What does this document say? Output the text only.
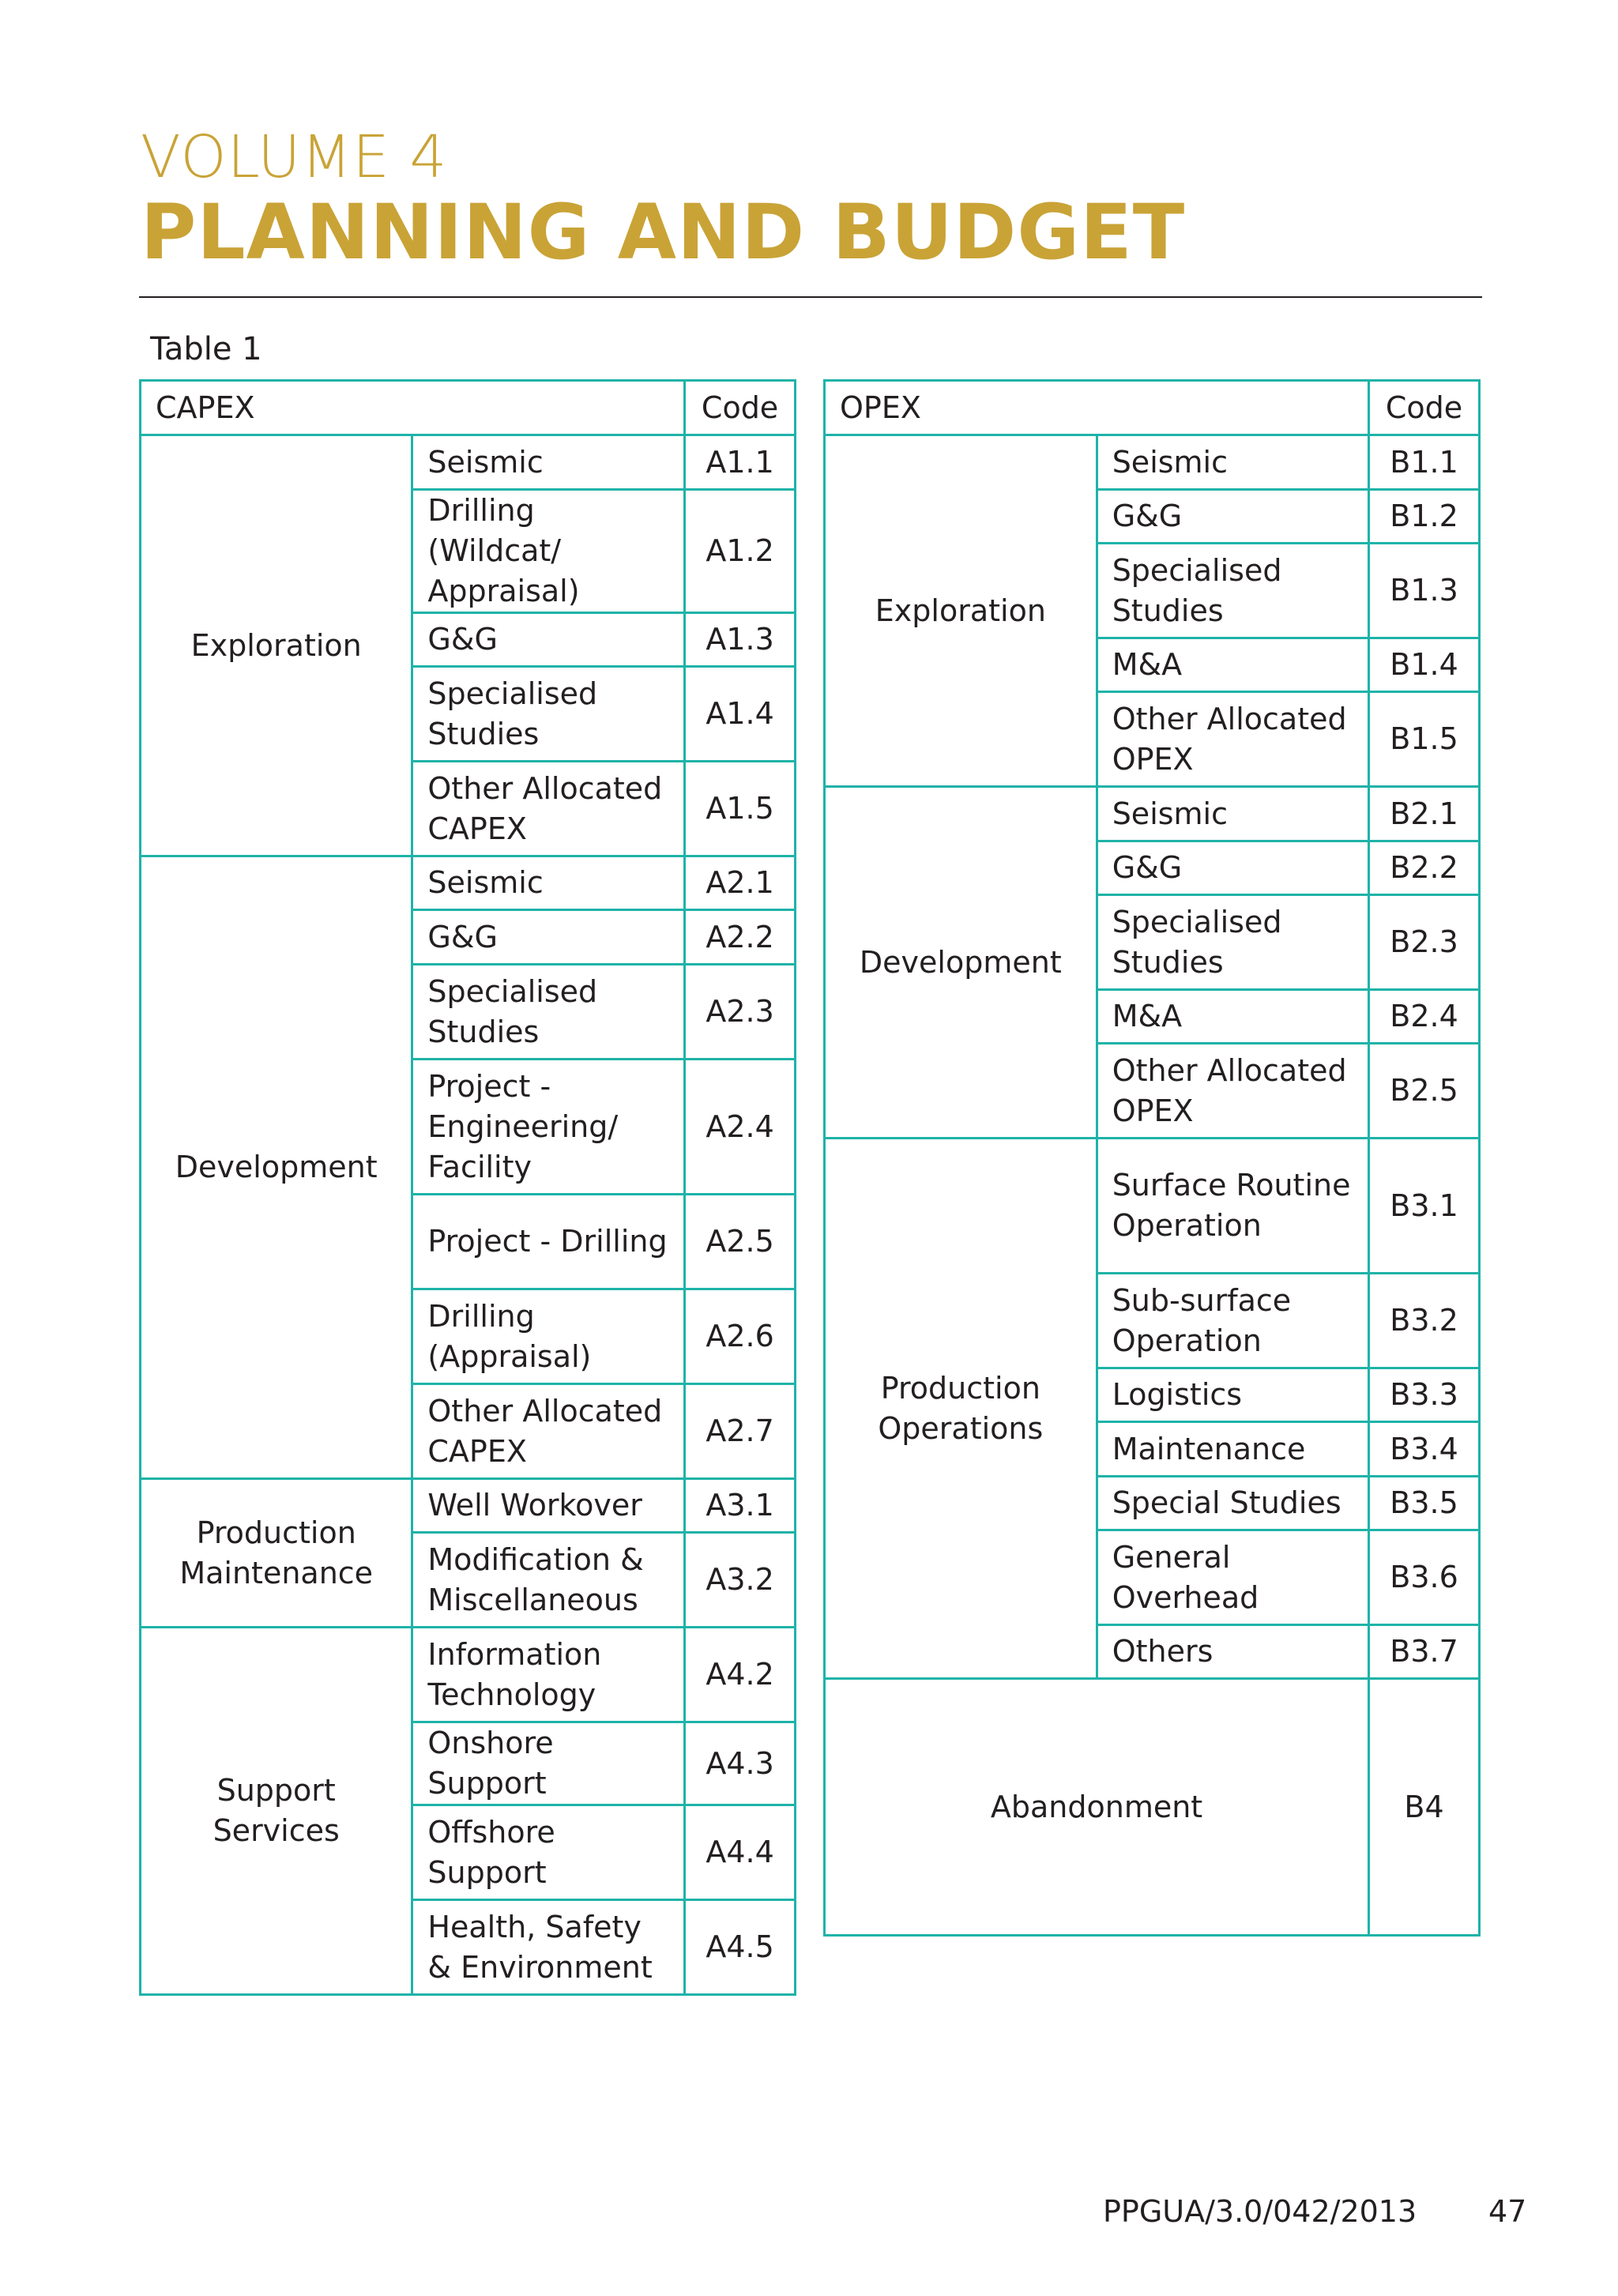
VOLUME 4
PLANNING AND BUDGET
Table 1
CAPEX		Code
Exploration	Seismic	A1.1
	Drilling (Wildcat/ Appraisal)	A1.2
	G&G	A1.3
	Specialised Studies	A1.4
	Other Allocated CAPEX	A1.5
Development	Seismic	A2.1
	G&G	A2.2
	Specialised Studies	A2.3
	Project - Engineering/ Facility	A2.4
	Project - Drilling	A2.5
	Drilling (Appraisal)	A2.6
	Other Allocated CAPEX	A2.7
Production Maintenance	Well Workover	A3.1
	Modification & Miscellaneous	A3.2
Support Services	Information Technology	A4.2
	Onshore Support	A4.3
	Offshore Support	A4.4
	Health, Safety & Environment	A4.5
OPEX		Code
Exploration	Seismic	B1.1
	G&G	B1.2
	Specialised Studies	B1.3
	M&A	B1.4
	Other Allocated OPEX	B1.5
Development	Seismic	B2.1
	G&G	B2.2
	Specialised Studies	B2.3
	M&A	B2.4
	Other Allocated OPEX	B2.5
Production Operations	Surface Routine Operation	B3.1
	Sub-surface Operation	B3.2
	Logistics	B3.3
	Maintenance	B3.4
	Special Studies	B3.5
	General Overhead	B3.6
	Others	B3.7
Abandonment		B4
PPGUA/3.0/042/2013 47
